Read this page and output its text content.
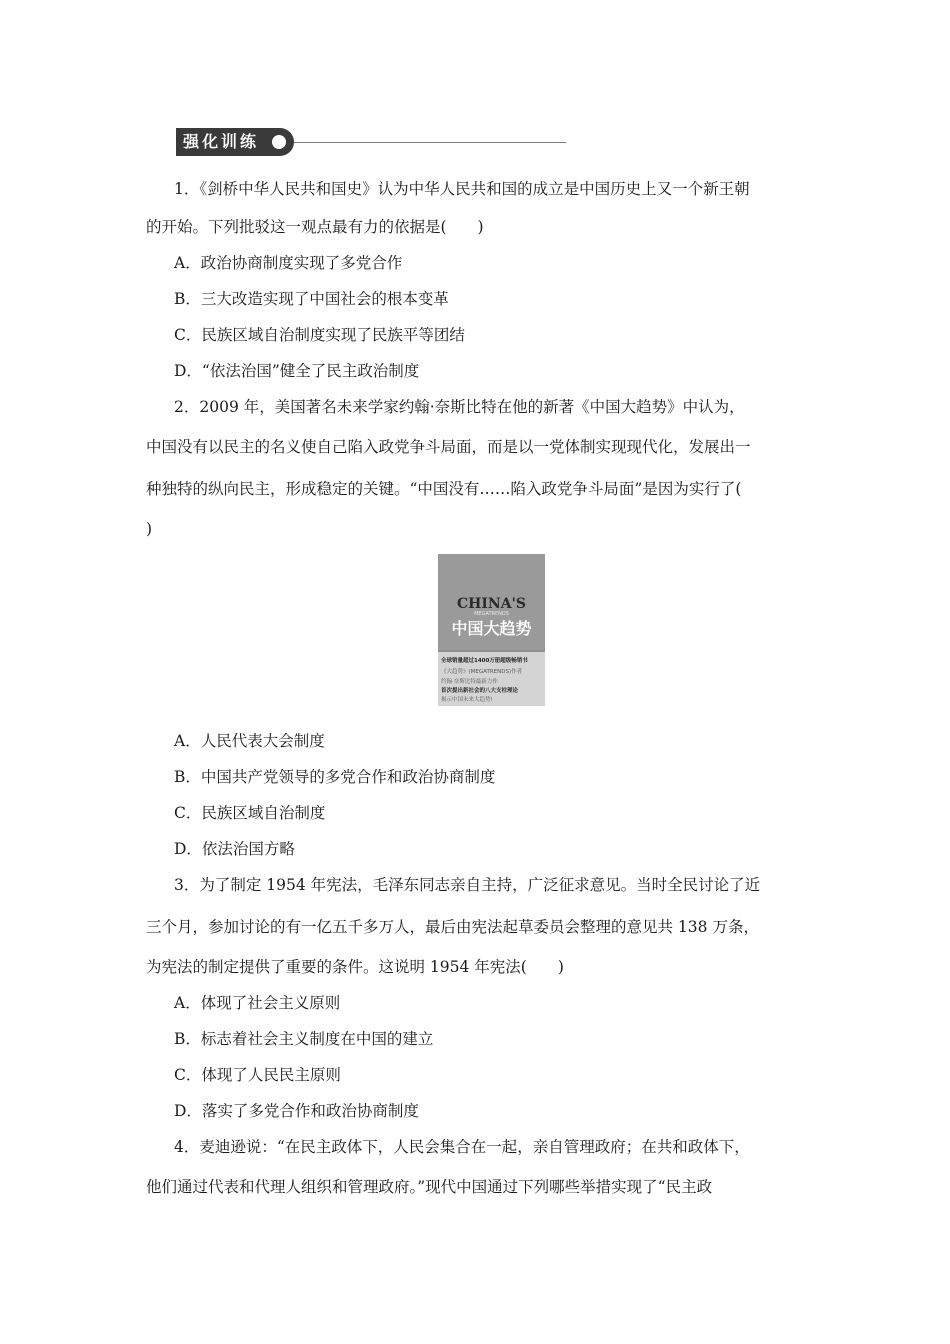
强化训练
1．《剑桥中华人民共和国史》认为中华人民共和国的成立是中国历史上又一个新王朝
的开始。下列批驳这一观点最有力的依据是(　　)
A．政治协商制度实现了多党合作
B．三大改造实现了中国社会的根本变革
C．民族区域自治制度实现了民族平等团结
D．“依法治国”健全了民主政治制度
2．2009 年，美国著名未来学家约翰·奈斯比特在他的新著《中国大趋势》中认为，
中国没有以民主的名义使自己陷入政党争斗局面，而是以一党体制实现现代化，发展出一
种独特的纵向民主，形成稳定的关键。“中国没有……陷入政党争斗局面”是因为实行了(
)
CHINA'S
MEGATRENDS
中国大趋势
全球销量超过1400万册超级畅销书
《大趋势》(MEGATRENDS)作者
约翰·奈斯比特最新力作
首次提出新社会的八大支柱理论
揭示中国未来大趋势!
A．人民代表大会制度
B．中国共产党领导的多党合作和政治协商制度
C．民族区域自治制度
D．依法治国方略
3．为了制定 1954 年宪法，毛泽东同志亲自主持，广泛征求意见。当时全民讨论了近
三个月，参加讨论的有一亿五千多万人，最后由宪法起草委员会整理的意见共 138 万条，
为宪法的制定提供了重要的条件。这说明 1954 年宪法(　　)
A．体现了社会主义原则
B．标志着社会主义制度在中国的建立
C．体现了人民民主原则
D．落实了多党合作和政治协商制度
4．麦迪逊说：“在民主政体下，人民会集合在一起，亲自管理政府；在共和政体下，
他们通过代表和代理人组织和管理政府。”现代中国通过下列哪些举措实现了“民主政
